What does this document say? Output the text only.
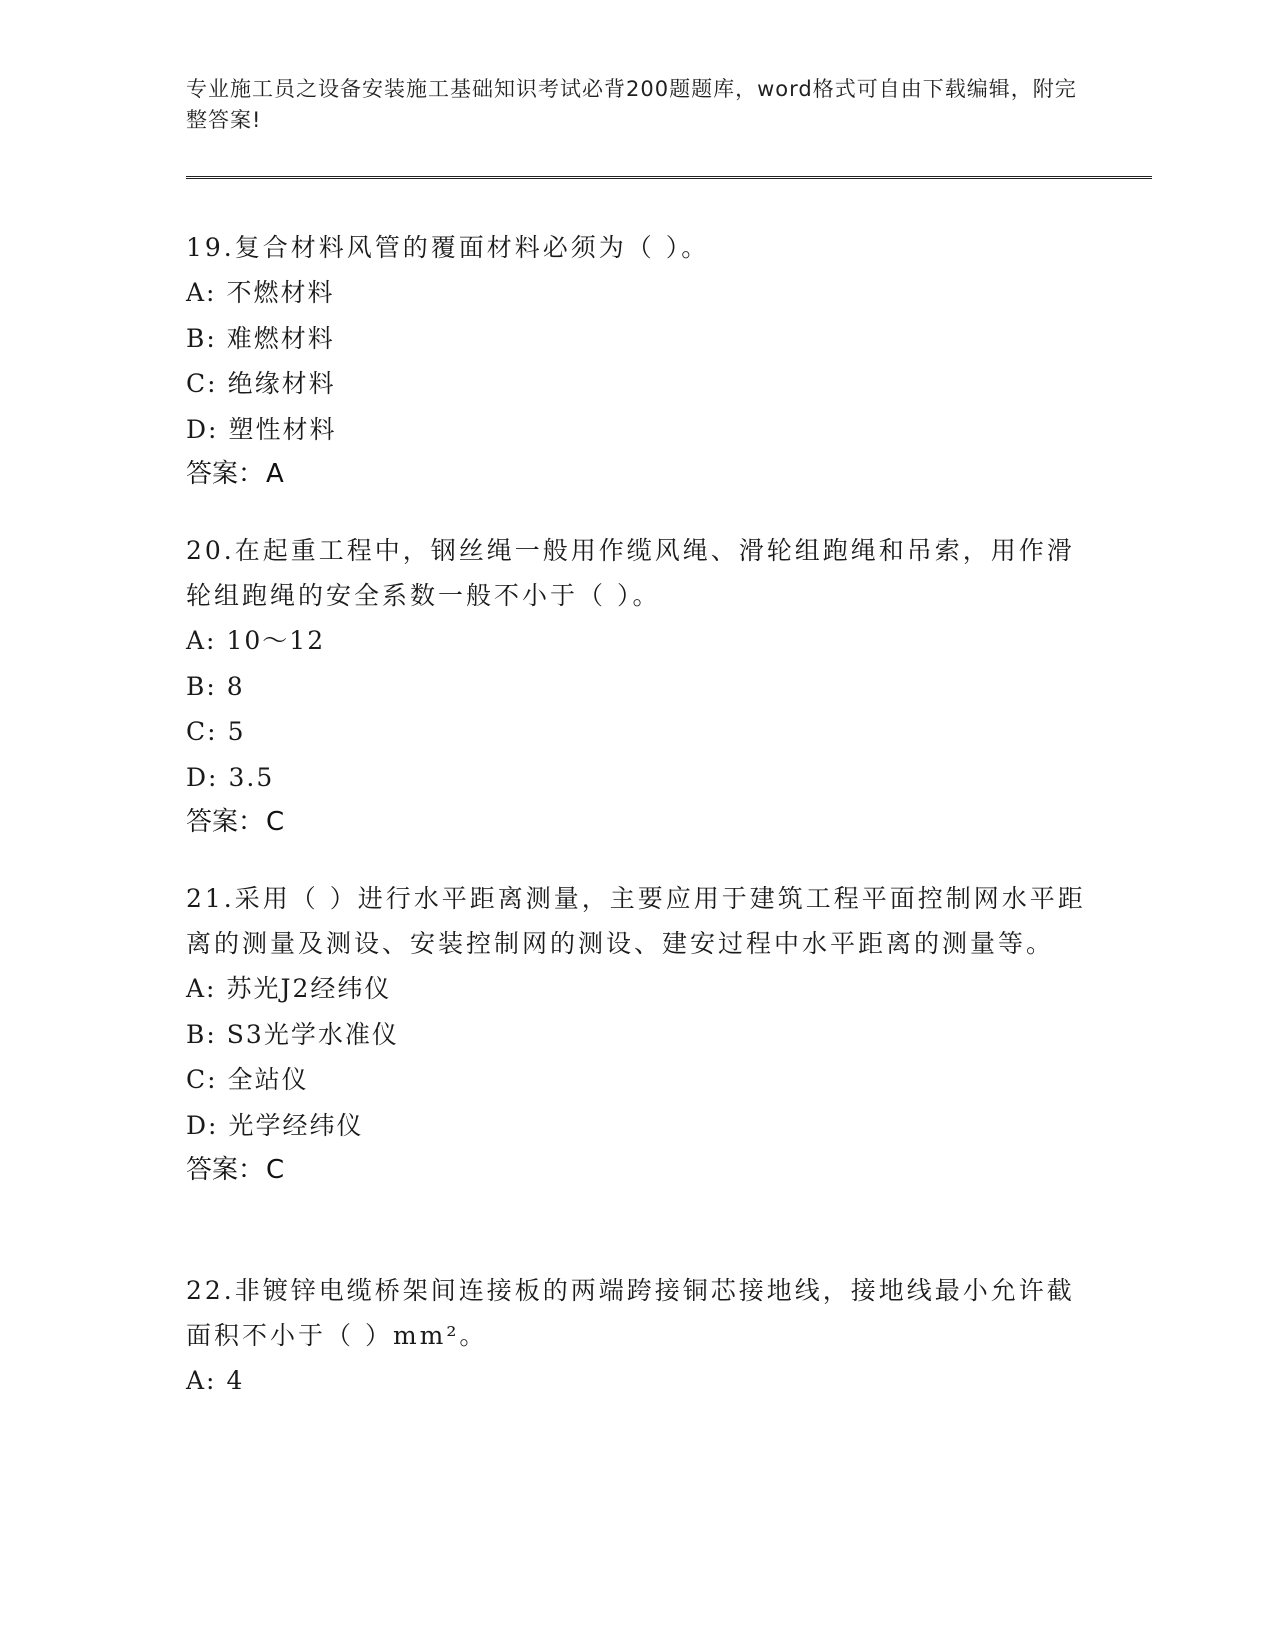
专业施工员之设备安装施工基础知识考试必背200题题库，word格式可自由下载编辑，附完整答案!
19.复合材料风管的覆面材料必须为（ ）。
A: 不燃材料
B: 难燃材料
C: 绝缘材料
D: 塑性材料
答案：A
20.在起重工程中，钢丝绳一般用作缆风绳、滑轮组跑绳和吊索，用作滑轮组跑绳的安全系数一般不小于（ ）。
A: 10～12
B: 8
C: 5
D: 3.5
答案：C
21.采用（ ）进行水平距离测量，主要应用于建筑工程平面控制网水平距离的测量及测设、安装控制网的测设、建安过程中水平距离的测量等。
A: 苏光J2经纬仪
B: S3光学水准仪
C: 全站仪
D: 光学经纬仪
答案：C
22.非镀锌电缆桥架间连接板的两端跨接铜芯接地线，接地线最小允许截面积不小于（ ）mm²。
A: 4
